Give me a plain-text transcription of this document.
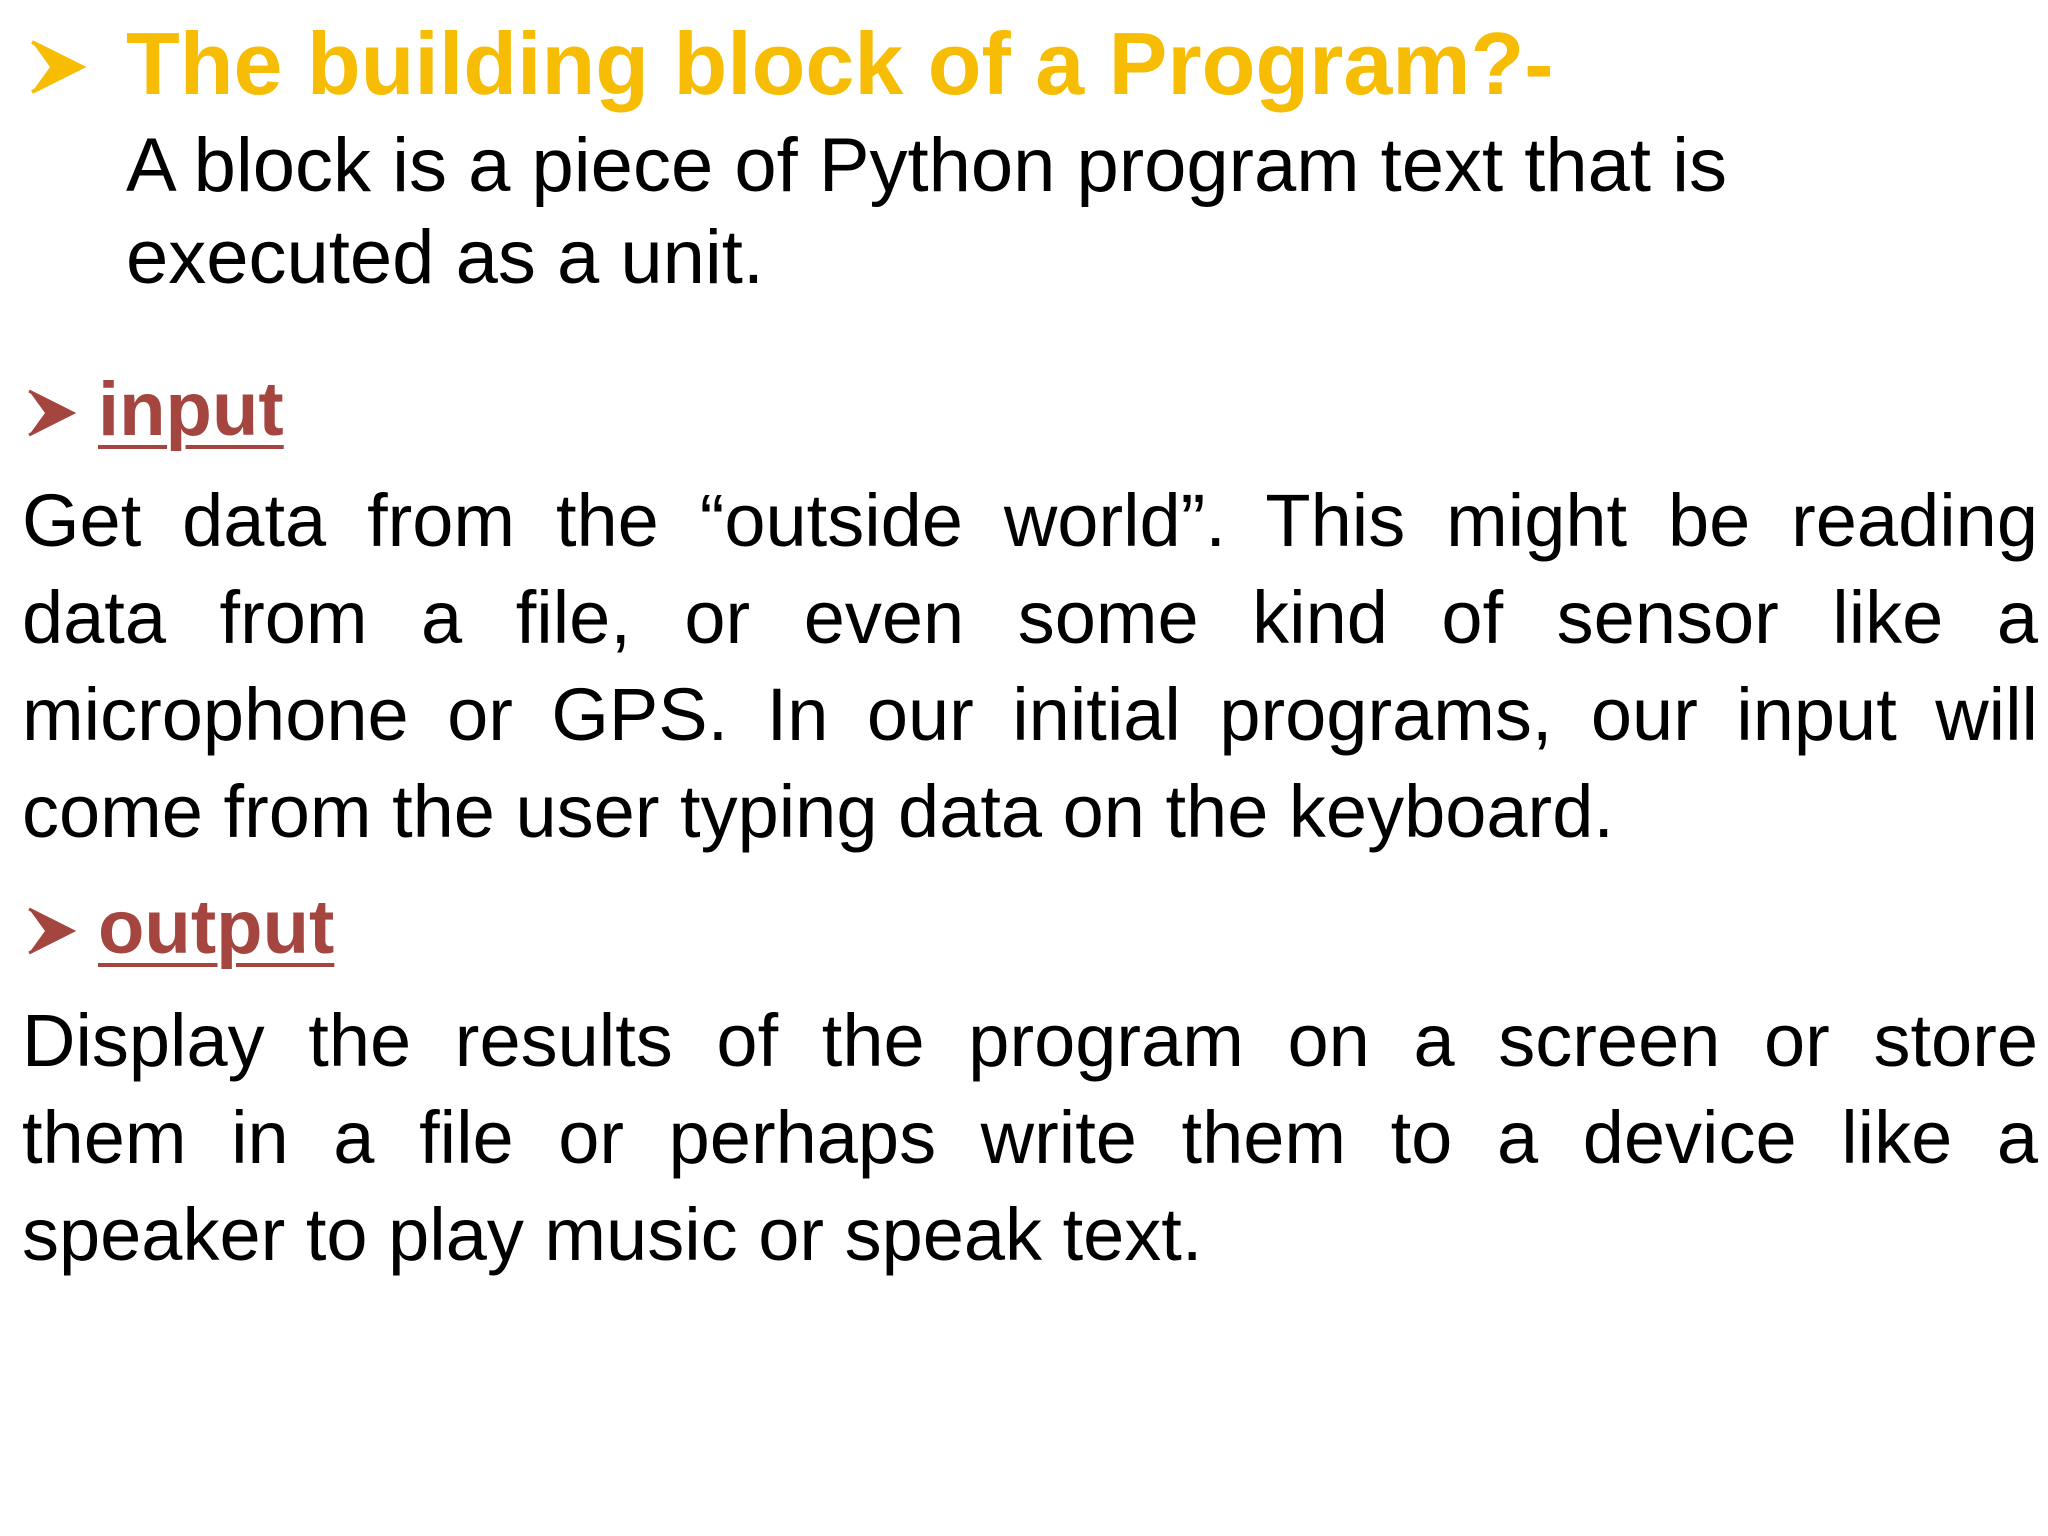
The building block of a Program?-
A block is a piece of Python program text that is
executed as a unit.
input
Get data from the “outside world”. This might be reading
data from a file, or even some kind of sensor like a
microphone or GPS. In our initial programs, our input will
come from the user typing data on the keyboard.
output
Display the results of the program on a screen or store
them in a file or perhaps write them to a device like a
speaker to play music or speak text.
